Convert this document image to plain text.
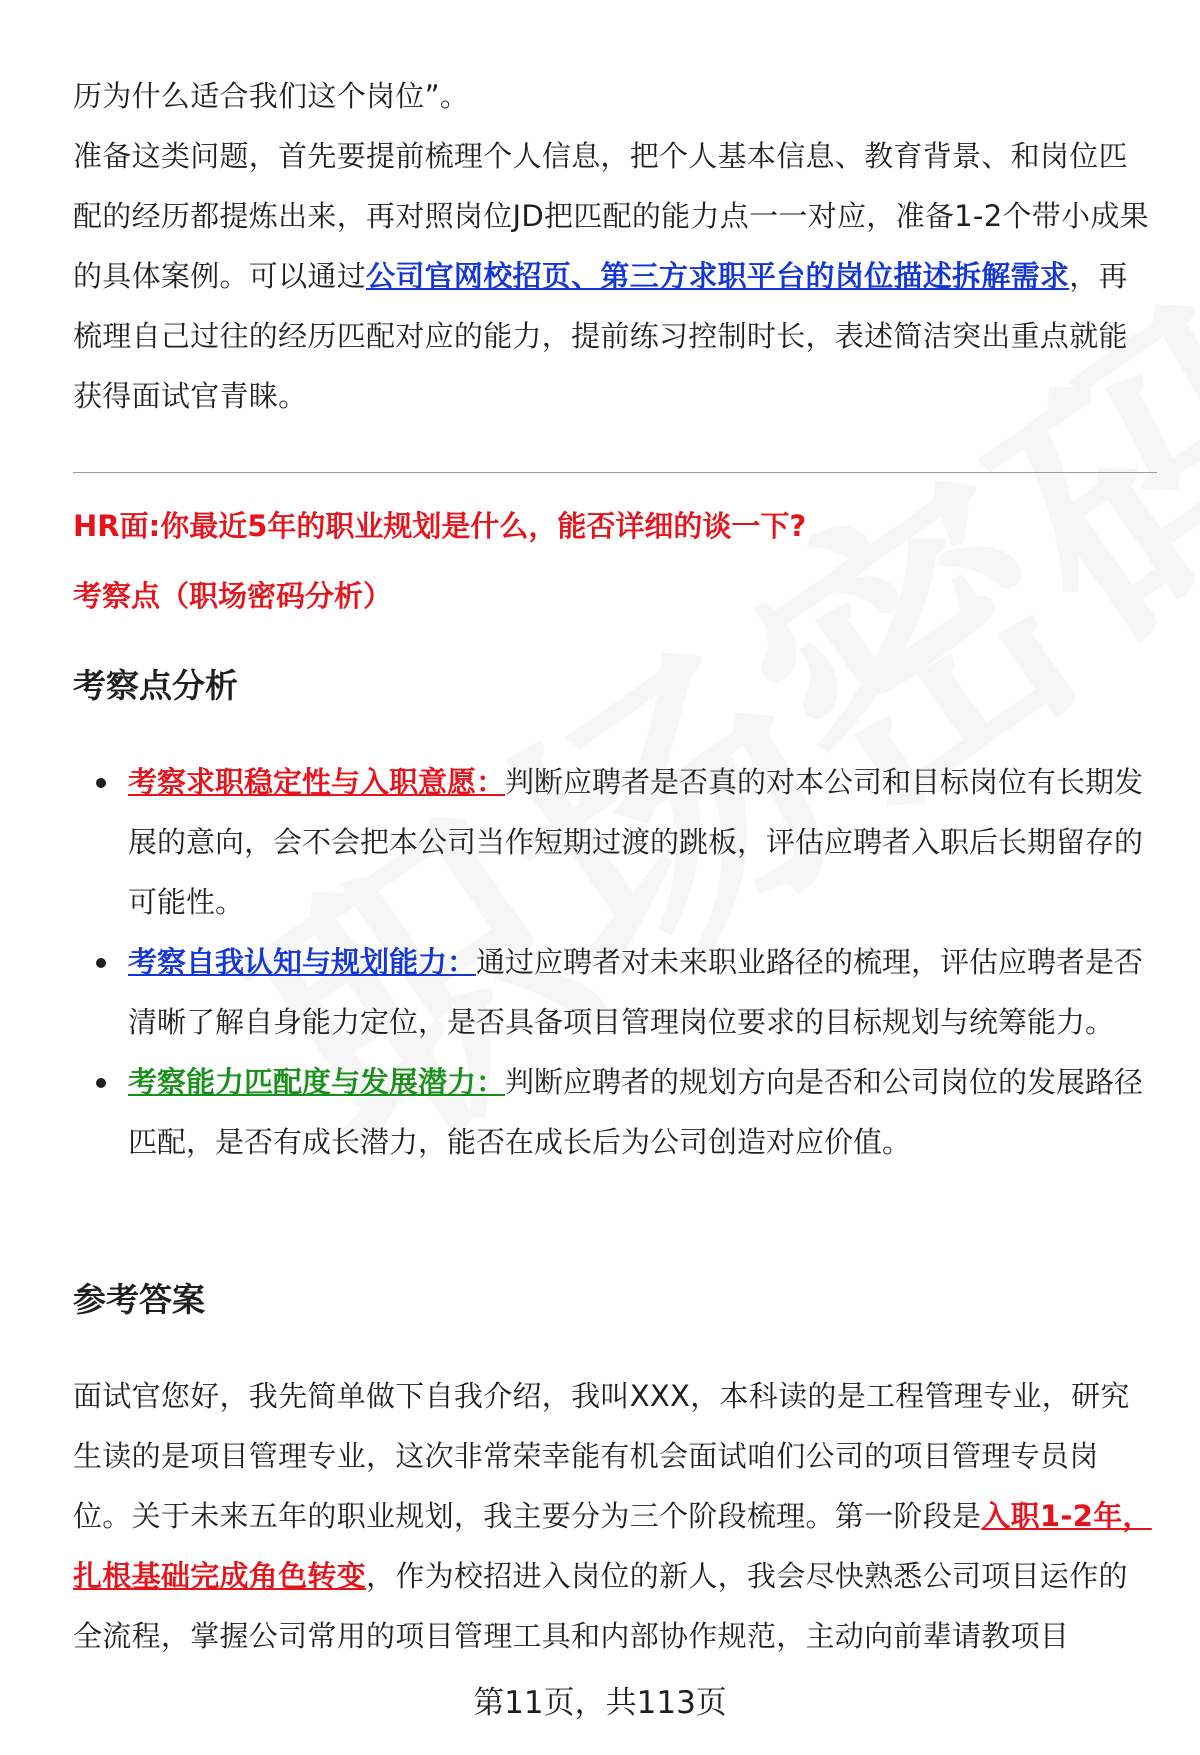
历为什么适合我们这个岗位”。
准备这类问题，首先要提前梳理个人信息，把个人基本信息、教育背景、和岗位匹配的经历都提炼出来，再对照岗位JD把匹配的能力点一一对应，准备1-2个带小成果的具体案例。可以通过公司官网校招页、第三方求职平台的岗位描述拆解需求，再梳理自己过往的经历匹配对应的能力，提前练习控制时长，表述简洁突出重点就能获得面试官青睐。

HR面:你最近5年的职业规划是什么，能否详细的谈一下?

考察点（职场密码分析）

考察点分析
考察求职稳定性与入职意愿：判断应聘者是否真的对本公司和目标岗位有长期发展的意向，会不会把本公司当作短期过渡的跳板，评估应聘者入职后长期留存的可能性。
考察自我认知与规划能力：通过应聘者对未来职业路径的梳理，评估应聘者是否清晰了解自身能力定位，是否具备项目管理岗位要求的目标规划与统筹能力。
考察能力匹配度与发展潜力：判断应聘者的规划方向是否和公司岗位的发展路径匹配，是否有成长潜力，能否在成长后为公司创造对应价值。
参考答案

面试官您好，我先简单做下自我介绍，我叫XXX，本科读的是工程管理专业，研究生读的是项目管理专业，这次非常荣幸能有机会面试咱们公司的项目管理专员岗位。关于未来五年的职业规划，我主要分为三个阶段梳理。第一阶段是入职1-2年，扎根基础完成角色转变，作为校招进入岗位的新人，我会尽快熟悉公司项目运作的全流程，掌握公司常用的项目管理工具和内部协作规范，主动向前辈请教项目

第11页，共113页
